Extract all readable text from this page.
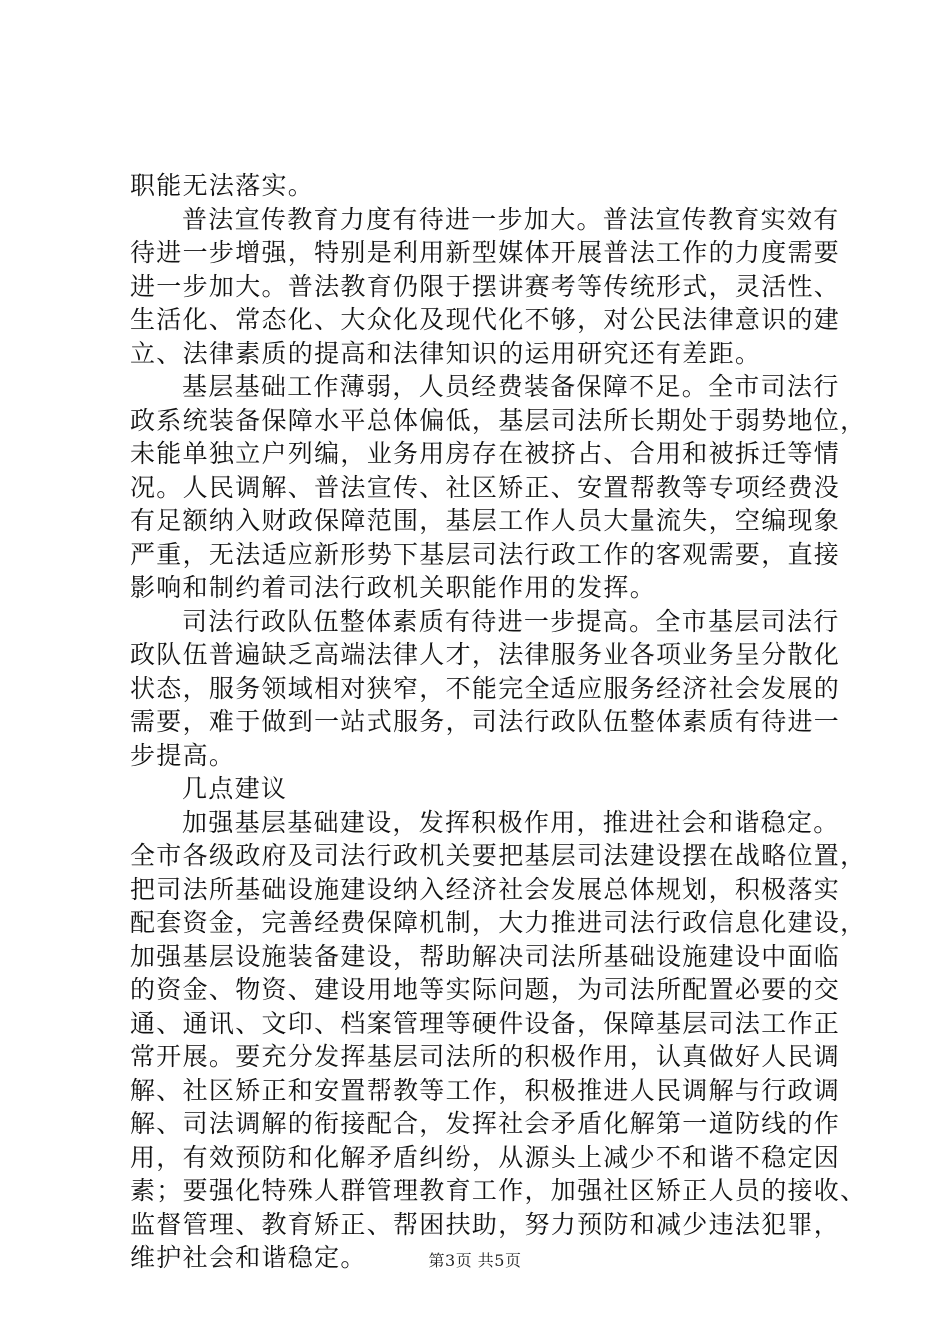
职能无法落实。
普法宣传教育力度有待进一步加大。普法宣传教育实效有
待进一步增强，特别是利用新型媒体开展普法工作的力度需要
进一步加大。普法教育仍限于摆讲赛考等传统形式，灵活性、
生活化、常态化、大众化及现代化不够，对公民法律意识的建
立、法律素质的提高和法律知识的运用研究还有差距。
基层基础工作薄弱，人员经费装备保障不足。全市司法行
政系统装备保障水平总体偏低，基层司法所长期处于弱势地位，
未能单独立户列编，业务用房存在被挤占、合用和被拆迁等情
况。人民调解、普法宣传、社区矫正、安置帮教等专项经费没
有足额纳入财政保障范围，基层工作人员大量流失，空编现象
严重，无法适应新形势下基层司法行政工作的客观需要，直接
影响和制约着司法行政机关职能作用的发挥。
司法行政队伍整体素质有待进一步提高。全市基层司法行
政队伍普遍缺乏高端法律人才，法律服务业各项业务呈分散化
状态，服务领域相对狭窄，不能完全适应服务经济社会发展的
需要，难于做到一站式服务，司法行政队伍整体素质有待进一
步提高。
几点建议
加强基层基础建设，发挥积极作用，推进社会和谐稳定。
全市各级政府及司法行政机关要把基层司法建设摆在战略位置，
把司法所基础设施建设纳入经济社会发展总体规划，积极落实
配套资金，完善经费保障机制，大力推进司法行政信息化建设，
加强基层设施装备建设，帮助解决司法所基础设施建设中面临
的资金、物资、建设用地等实际问题，为司法所配置必要的交
通、通讯、文印、档案管理等硬件设备，保障基层司法工作正
常开展。要充分发挥基层司法所的积极作用，认真做好人民调
解、社区矫正和安置帮教等工作，积极推进人民调解与行政调
解、司法调解的衔接配合，发挥社会矛盾化解第一道防线的作
用，有效预防和化解矛盾纠纷，从源头上减少不和谐不稳定因
素；要强化特殊人群管理教育工作，加强社区矫正人员的接收、
监督管理、教育矫正、帮困扶助，努力预防和减少违法犯罪，
维护社会和谐稳定。	第3页 共5页
